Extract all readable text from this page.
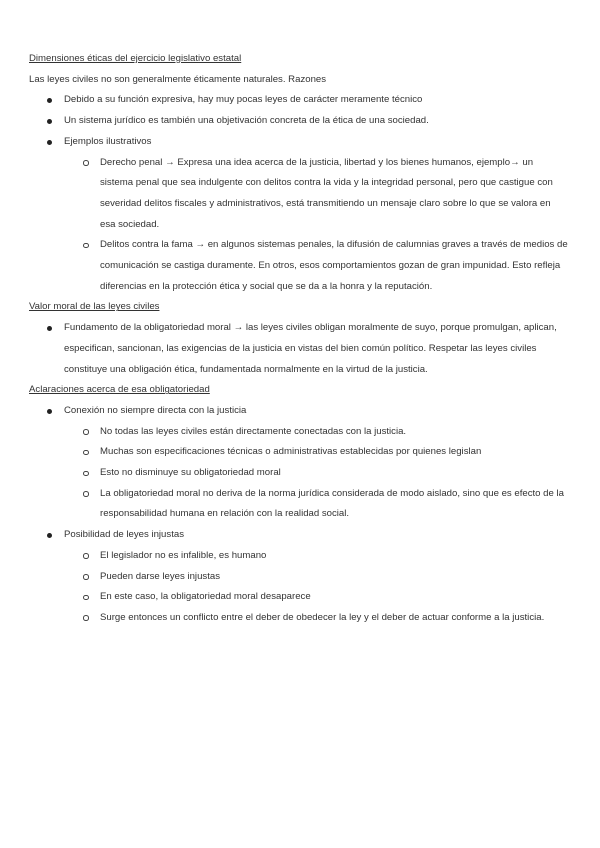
Dimensiones éticas del ejercicio legislativo estatal

Las leyes civiles no son generalmente éticamente naturales. Razones

Debido a su función expresiva, hay muy pocas leyes de carácter meramente técnico
Un sistema jurídico es también una objetivación concreta de la ética de una sociedad.
Ejemplos ilustrativos
Derecho penal → Expresa una idea acerca de la justicia, libertad y los bienes humanos, ejemplo→ un sistema penal que sea indulgente con delitos contra la vida y la integridad personal, pero que castigue con severidad delitos fiscales y administrativos, está transmitiendo un mensaje claro sobre lo que se valora en esa sociedad.
Delitos contra la fama → en algunos sistemas penales, la difusión de calumnias graves a través de medios de comunicación se castiga duramente. En otros, esos comportamientos gozan de gran impunidad. Esto refleja diferencias en la protección ética y social que se da a la honra y la reputación.

Valor moral de las leyes civiles

Fundamento de la obligatoriedad moral → las leyes civiles obligan moralmente de suyo, porque promulgan, aplican, especifican, sancionan, las exigencias de la justicia en vistas del bien común político. Respetar las leyes civiles constituye una obligación ética, fundamentada normalmente en la virtud de la justicia.

Aclaraciones acerca de esa obligatoriedad

Conexión no siempre directa con la justicia
No todas las leyes civiles están directamente conectadas con la justicia.
Muchas son especificaciones técnicas o administrativas establecidas por quienes legislan
Esto no disminuye su obligatoriedad moral
La obligatoriedad moral no deriva de la norma jurídica considerada de modo aislado, sino que es efecto de la responsabilidad humana en relación con la realidad social.
Posibilidad de leyes injustas
El legislador no es infalible, es humano
Pueden darse leyes injustas
En este caso, la obligatoriedad moral desaparece
Surge entonces un conflicto entre el deber de obedecer la ley y el deber de actuar conforme a la justicia.
